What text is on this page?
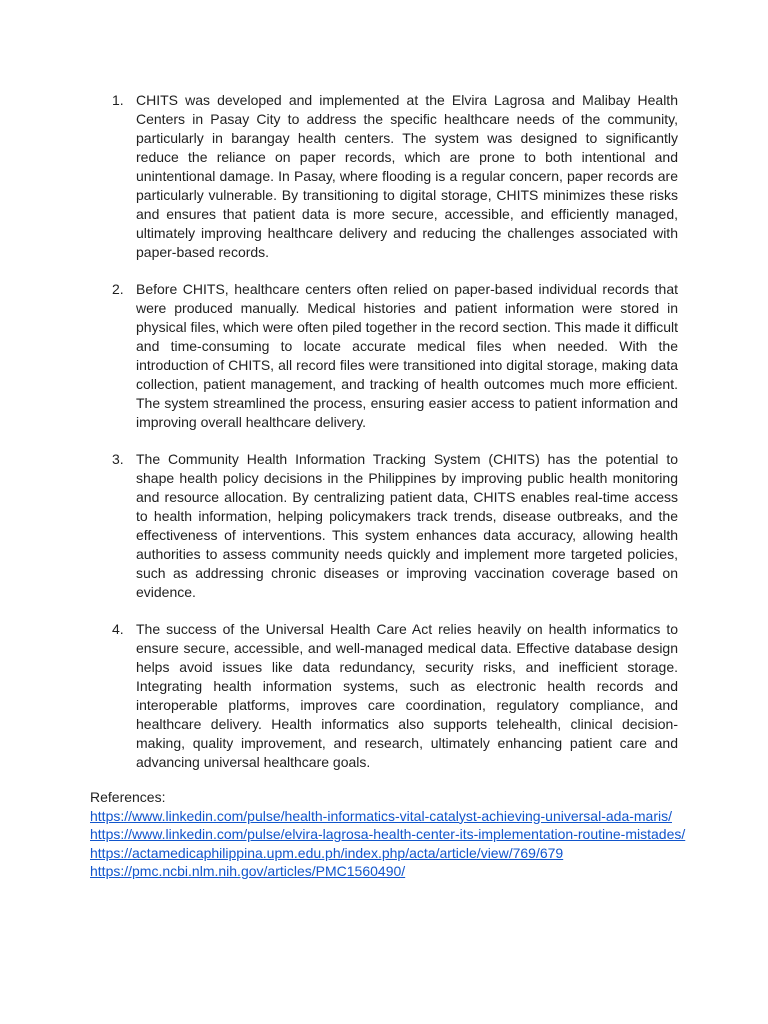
1. CHITS was developed and implemented at the Elvira Lagrosa and Malibay Health Centers in Pasay City to address the specific healthcare needs of the community, particularly in barangay health centers. The system was designed to significantly reduce the reliance on paper records, which are prone to both intentional and unintentional damage. In Pasay, where flooding is a regular concern, paper records are particularly vulnerable. By transitioning to digital storage, CHITS minimizes these risks and ensures that patient data is more secure, accessible, and efficiently managed, ultimately improving healthcare delivery and reducing the challenges associated with paper-based records.
2. Before CHITS, healthcare centers often relied on paper-based individual records that were produced manually. Medical histories and patient information were stored in physical files, which were often piled together in the record section. This made it difficult and time-consuming to locate accurate medical files when needed. With the introduction of CHITS, all record files were transitioned into digital storage, making data collection, patient management, and tracking of health outcomes much more efficient. The system streamlined the process, ensuring easier access to patient information and improving overall healthcare delivery.
3. The Community Health Information Tracking System (CHITS) has the potential to shape health policy decisions in the Philippines by improving public health monitoring and resource allocation. By centralizing patient data, CHITS enables real-time access to health information, helping policymakers track trends, disease outbreaks, and the effectiveness of interventions. This system enhances data accuracy, allowing health authorities to assess community needs quickly and implement more targeted policies, such as addressing chronic diseases or improving vaccination coverage based on evidence.
4. The success of the Universal Health Care Act relies heavily on health informatics to ensure secure, accessible, and well-managed medical data. Effective database design helps avoid issues like data redundancy, security risks, and inefficient storage. Integrating health information systems, such as electronic health records and interoperable platforms, improves care coordination, regulatory compliance, and healthcare delivery. Health informatics also supports telehealth, clinical decision-making, quality improvement, and research, ultimately enhancing patient care and advancing universal healthcare goals.
References:
https://www.linkedin.com/pulse/health-informatics-vital-catalyst-achieving-universal-ada-maris/
https://www.linkedin.com/pulse/elvira-lagrosa-health-center-its-implementation-routine-mistades/
https://actamedicaphilippina.upm.edu.ph/index.php/acta/article/view/769/679
https://pmc.ncbi.nlm.nih.gov/articles/PMC1560490/
